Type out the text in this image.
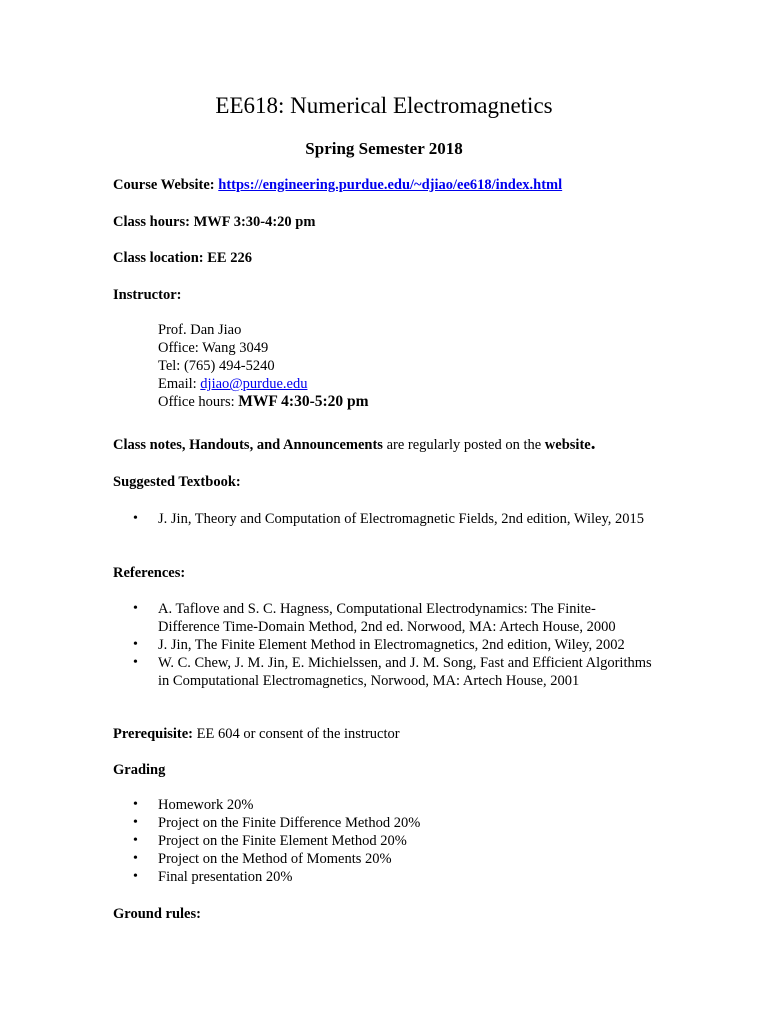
EE618: Numerical Electromagnetics
Spring Semester 2018
Course Website: https://engineering.purdue.edu/~djiao/ee618/index.html
Class hours: MWF 3:30-4:20 pm
Class location: EE 226
Instructor:
Prof. Dan Jiao
Office: Wang 3049
Tel: (765) 494-5240
Email: djiao@purdue.edu
Office hours: MWF 4:30-5:20 pm
Class notes, Handouts, and Announcements are regularly posted on the website.
Suggested Textbook:
• J. Jin, Theory and Computation of Electromagnetic Fields, 2nd edition, Wiley, 2015
References:
• A. Taflove and S. C. Hagness, Computational Electrodynamics: The Finite-Difference Time-Domain Method, 2nd ed. Norwood, MA: Artech House, 2000
• J. Jin, The Finite Element Method in Electromagnetics, 2nd edition, Wiley, 2002
• W. C. Chew, J. M. Jin, E. Michielssen, and J. M. Song, Fast and Efficient Algorithms in Computational Electromagnetics, Norwood, MA: Artech House, 2001
Prerequisite: EE 604 or consent of the instructor
Grading
• Homework 20%
• Project on the Finite Difference Method 20%
• Project on the Finite Element Method 20%
• Project on the Method of Moments 20%
• Final presentation 20%
Ground rules:
